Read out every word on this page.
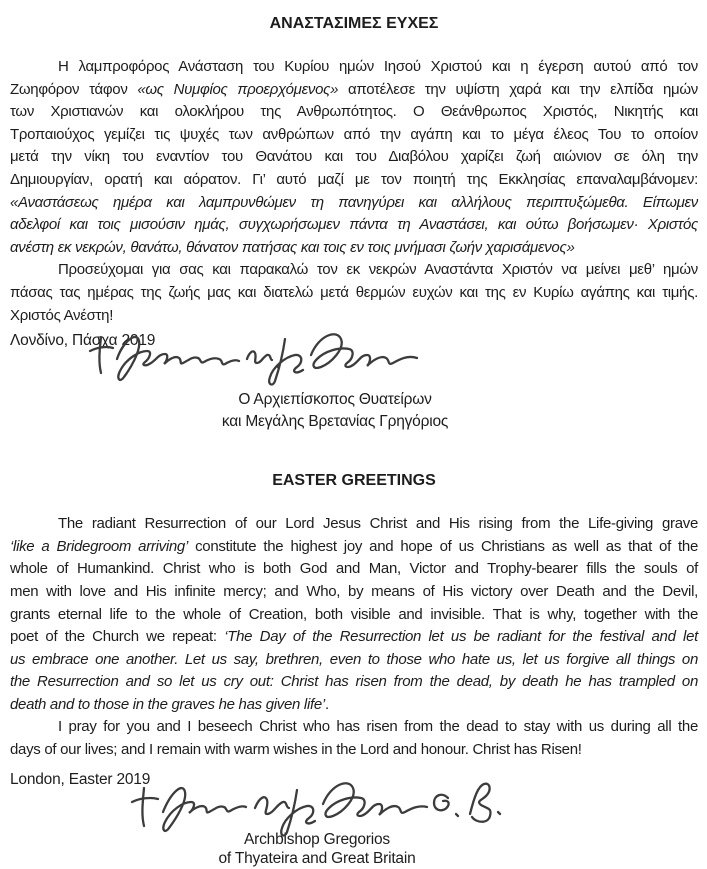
ΑΝΑΣΤΑΣΙΜΕΣ ΕΥΧΕΣ
Η λαμπροφόρος Ανάσταση του Κυρίου ημών Ιησού Χριστού και η έγερση αυτού από τον
Ζωηφόρον τάφον «ως Νυμφίος προερχόμενος» αποτέλεσε την υψίστη χαρά και την ελπίδα ημών
των Χριστιανών και ολοκλήρου της Ανθρωπότητος. Ο Θεάνθρωπος Χριστός, Νικητής και
Τροπαιούχος γεμίζει τις ψυχές των ανθρώπων από την αγάπη και το μέγα έλεος Του το οποίον
μετά την νίκη του εναντίον του Θανάτου και του Διαβόλου χαρίζει ζωή αιώνιον σε όλη την
Δημιουργίαν, ορατή και αόρατον. Γι’ αυτό μαζί με τον ποιητή της Εκκλησίας επαναλαμβάνομεν:
«Αναστάσεως ημέρα και λαμπρυνθώμεν τη πανηγύρει και αλλήλους περιπτυξώμεθα. Είπωμεν
αδελφοί και τοις μισούσιν ημάς, συγχωρήσωμεν πάντα τη Αναστάσει, και ούτω βοήσωμεν· Χριστός
ανέστη εκ νεκρών, θανάτω, θάνατον πατήσας και τοις εν τοις μνήμασι ζωήν χαρισάμενος»
Προσεύχομαι για σας και παρακαλώ τον εκ νεκρών Αναστάντα Χριστόν να μείνει μεθ’ ημών
πάσας τας ημέρας της ζωής μας και διατελώ μετά θερμών ευχών και της εν Κυρίω αγάπης και τιμής.
Χριστός Ανέστη!
Λονδίνο, Πάσχα 2019
Ο Αρχιεπίσκοπος Θυατείρων
και Μεγάλης Βρετανίας Γρηγόριος
EASTER GREETINGS
The radiant Resurrection of our Lord Jesus Christ and His rising from the Life-giving grave
‘like a Bridegroom arriving’ constitute the highest joy and hope of us Christians as well as that of the
whole of Humankind. Christ who is both God and Man, Victor and Trophy-bearer fills the souls of
men with love and His infinite mercy; and Who, by means of His victory over Death and the Devil,
grants eternal life to the whole of Creation, both visible and invisible. That is why, together with the
poet of the Church we repeat: ‘The Day of the Resurrection let us be radiant for the festival and let
us embrace one another. Let us say, brethren, even to those who hate us, let us forgive all things on
the Resurrection and so let us cry out: Christ has risen from the dead, by death he has trampled on
death and to those in the graves he has given life’.
I pray for you and I beseech Christ who has risen from the dead to stay with us during all the
days of our lives; and I remain with warm wishes in the Lord and honour. Christ has Risen!
London, Easter 2019
Archbishop Gregorios
of Thyateira and Great Britain
